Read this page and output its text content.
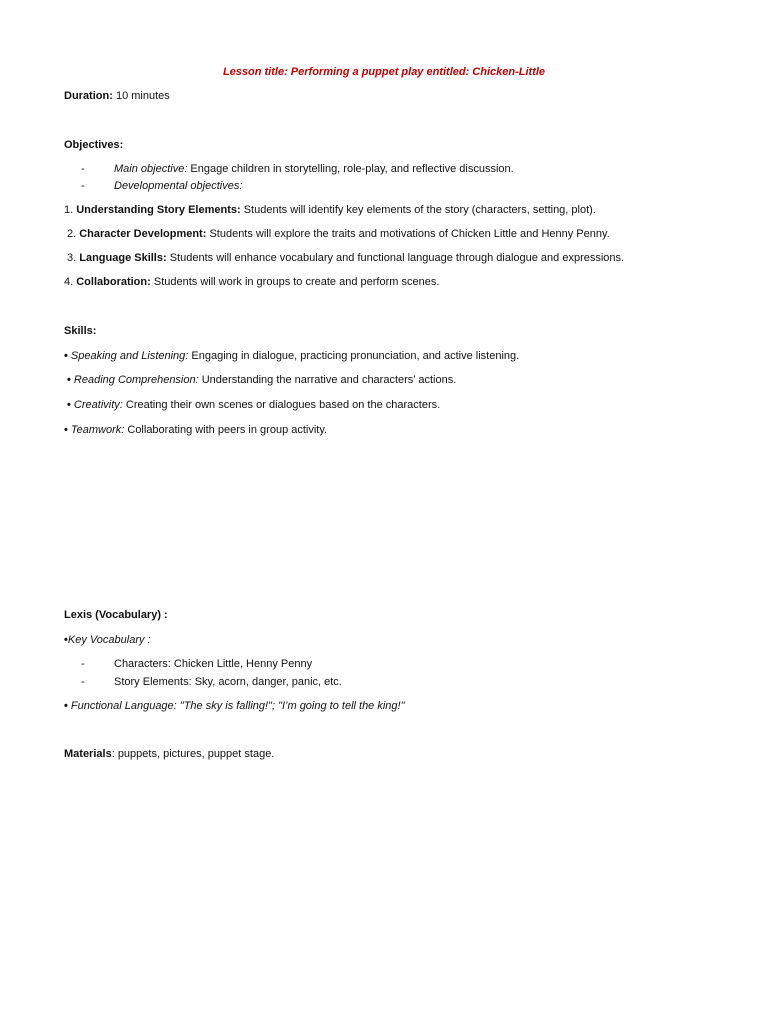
Lesson title: Performing a puppet play entitled: Chicken-Little
Duration: 10 minutes
Objectives:
-	Main objective: Engage children in storytelling, role-play, and reflective discussion.
-	Developmental objectives:
1. Understanding Story Elements: Students will identify key elements of the story (characters, setting, plot).
2. Character Development: Students will explore the traits and motivations of Chicken Little and Henny Penny.
3. Language Skills: Students will enhance vocabulary and functional language through dialogue and expressions.
4. Collaboration: Students will work in groups to create and perform scenes.
Skills:
• Speaking and Listening: Engaging in dialogue, practicing pronunciation, and active listening.
• Reading Comprehension: Understanding the narrative and characters’ actions.
• Creativity: Creating their own scenes or dialogues based on the characters.
• Teamwork: Collaborating with peers in group activity.
Lexis (Vocabulary) :
•Key Vocabulary :
-	Characters: Chicken Little, Henny Penny
-	Story Elements: Sky, acorn, danger, panic, etc.
• Functional Language: "The sky is falling!"; "I’m going to tell the king!"
Materials: puppets, pictures, puppet stage.
